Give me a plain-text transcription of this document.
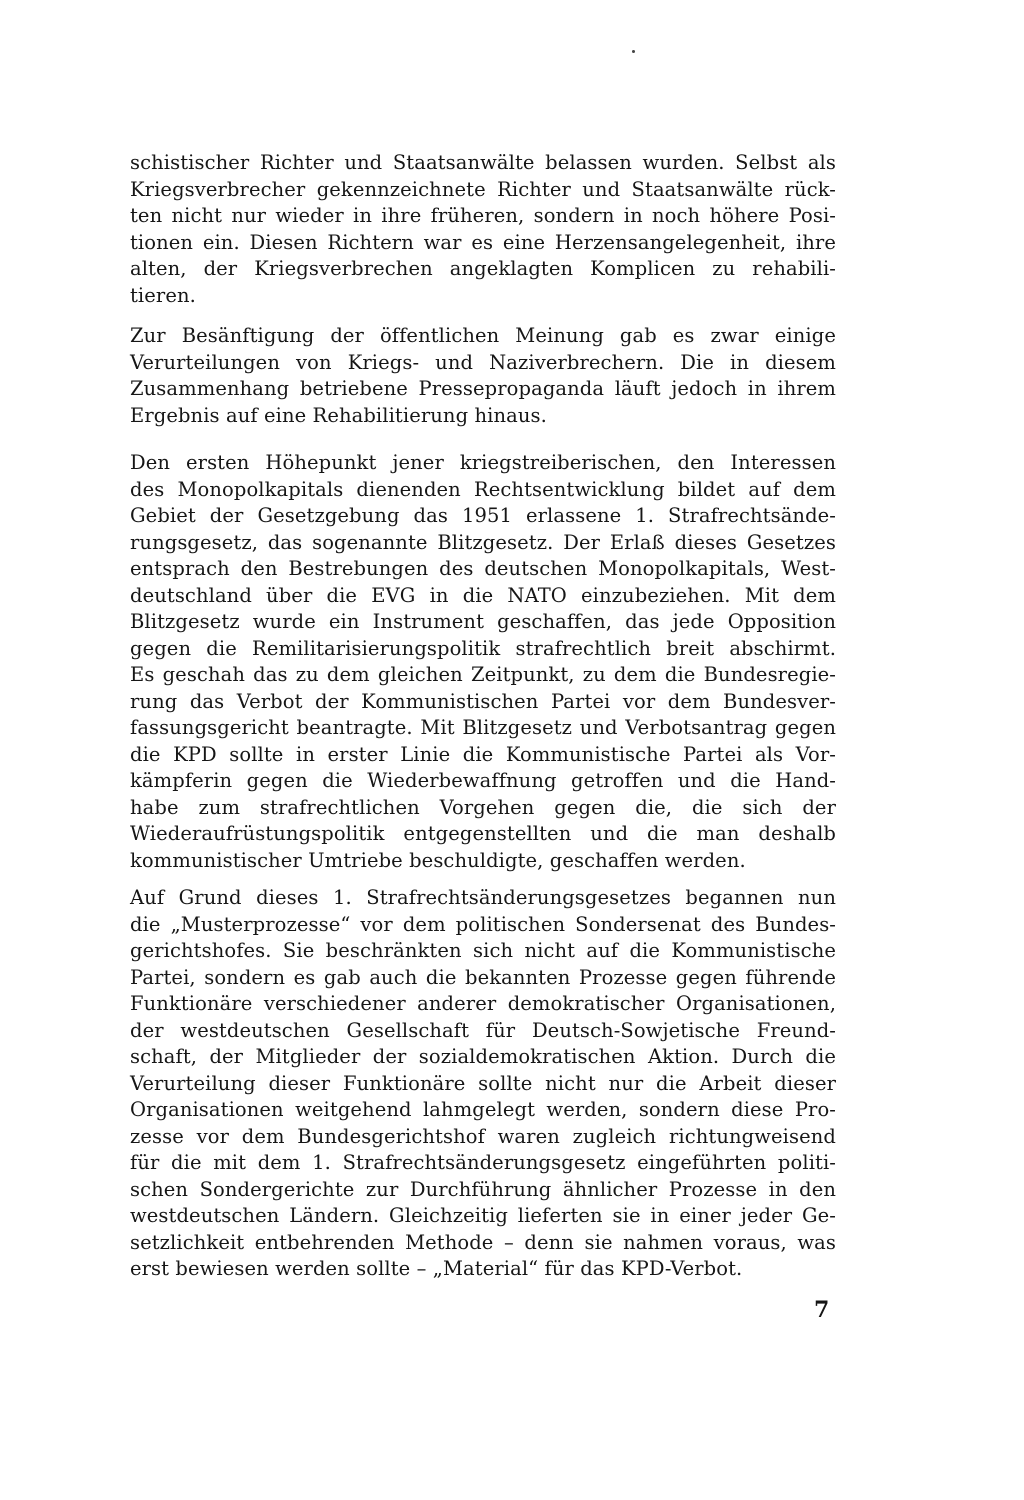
schistischer Richter und Staatsanwälte belassen wurden. Selbst als
Kriegsverbrecher gekennzeichnete Richter und Staatsanwälte rück-
ten nicht nur wieder in ihre früheren, sondern in noch höhere Posi-
tionen ein. Diesen Richtern war es eine Herzensangelegenheit, ihre
alten, der Kriegsverbrechen angeklagten Komplicen zu rehabili-
tieren.
Zur Besänftigung der öffentlichen Meinung gab es zwar einige
Verurteilungen von Kriegs- und Naziverbrechern. Die in diesem
Zusammenhang betriebene Pressepropaganda läuft jedoch in ihrem
Ergebnis auf eine Rehabilitierung hinaus.
Den ersten Höhepunkt jener kriegstreiberischen, den Interessen
des Monopolkapitals dienenden Rechtsentwicklung bildet auf dem
Gebiet der Gesetzgebung das 1951 erlassene 1. Strafrechtsände-
rungsgesetz, das sogenannte Blitzgesetz. Der Erlaß dieses Gesetzes
entsprach den Bestrebungen des deutschen Monopolkapitals, West-
deutschland über die EVG in die NATO einzubeziehen. Mit dem
Blitzgesetz wurde ein Instrument geschaffen, das jede Opposition
gegen die Remilitarisierungspolitik strafrechtlich breit abschirmt.
Es geschah das zu dem gleichen Zeitpunkt, zu dem die Bundesregie-
rung das Verbot der Kommunistischen Partei vor dem Bundesver-
fassungsgericht beantragte. Mit Blitzgesetz und Verbotsantrag gegen
die KPD sollte in erster Linie die Kommunistische Partei als Vor-
kämpferin gegen die Wiederbewaffnung getroffen und die Hand-
habe zum strafrechtlichen Vorgehen gegen die, die sich der
Wiederaufrüstungspolitik entgegenstellten und die man deshalb
kommunistischer Umtriebe beschuldigte, geschaffen werden.
Auf Grund dieses 1. Strafrechtsänderungsgesetzes begannen nun
die „Musterprozesse“ vor dem politischen Sondersenat des Bundes-
gerichtshofes. Sie beschränkten sich nicht auf die Kommunistische
Partei, sondern es gab auch die bekannten Prozesse gegen führende
Funktionäre verschiedener anderer demokratischer Organisationen,
der westdeutschen Gesellschaft für Deutsch-Sowjetische Freund-
schaft, der Mitglieder der sozialdemokratischen Aktion. Durch die
Verurteilung dieser Funktionäre sollte nicht nur die Arbeit dieser
Organisationen weitgehend lahmgelegt werden, sondern diese Pro-
zesse vor dem Bundesgerichtshof waren zugleich richtungweisend
für die mit dem 1. Strafrechtsänderungsgesetz eingeführten politi-
schen Sondergerichte zur Durchführung ähnlicher Prozesse in den
westdeutschen Ländern. Gleichzeitig lieferten sie in einer jeder Ge-
setzlichkeit entbehrenden Methode – denn sie nahmen voraus, was
erst bewiesen werden sollte – „Material“ für das KPD-Verbot.
7
